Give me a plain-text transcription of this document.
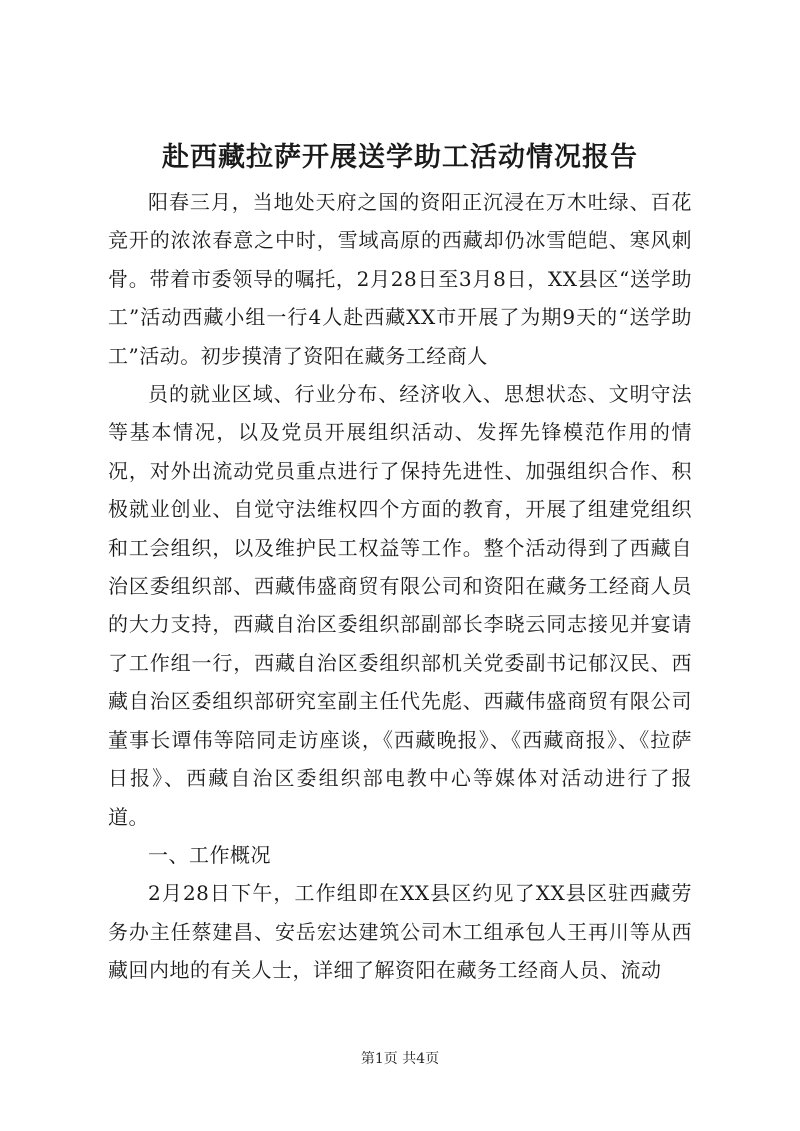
赴西藏拉萨开展送学助工活动情况报告

阳春三月，当地处天府之国的资阳正沉浸在万木吐绿、百花竞开的浓浓春意之中时，雪域高原的西藏却仍冰雪皑皑、寒风刺骨。带着市委领导的嘱托，2月28日至3月8日，XX县区“送学助工”活动西藏小组一行4人赴西藏XX市开展了为期9天的“送学助工”活动。初步摸清了资阳在藏务工经商人

员的就业区域、行业分布、经济收入、思想状态、文明守法等基本情况，以及党员开展组织活动、发挥先锋模范作用的情况，对外出流动党员重点进行了保持先进性、加强组织合作、积极就业创业、自觉守法维权四个方面的教育，开展了组建党组织和工会组织，以及维护民工权益等工作。整个活动得到了西藏自治区委组织部、西藏伟盛商贸有限公司和资阳在藏务工经商人员的大力支持，西藏自治区委组织部副部长李晓云同志接见并宴请了工作组一行，西藏自治区委组织部机关党委副书记郁汉民、西藏自治区委组织部研究室副主任代先彪、西藏伟盛商贸有限公司董事长谭伟等陪同走访座谈，《西藏晚报》、《西藏商报》、《拉萨日报》、西藏自治区委组织部电教中心等媒体对活动进行了报道。

一、工作概况

2月28日下午，工作组即在XX县区约见了XX县区驻西藏劳务办主任蔡建昌、安岳宏达建筑公司木工组承包人王再川等从西藏回内地的有关人士，详细了解资阳在藏务工经商人员、流动

第1页 共4页
